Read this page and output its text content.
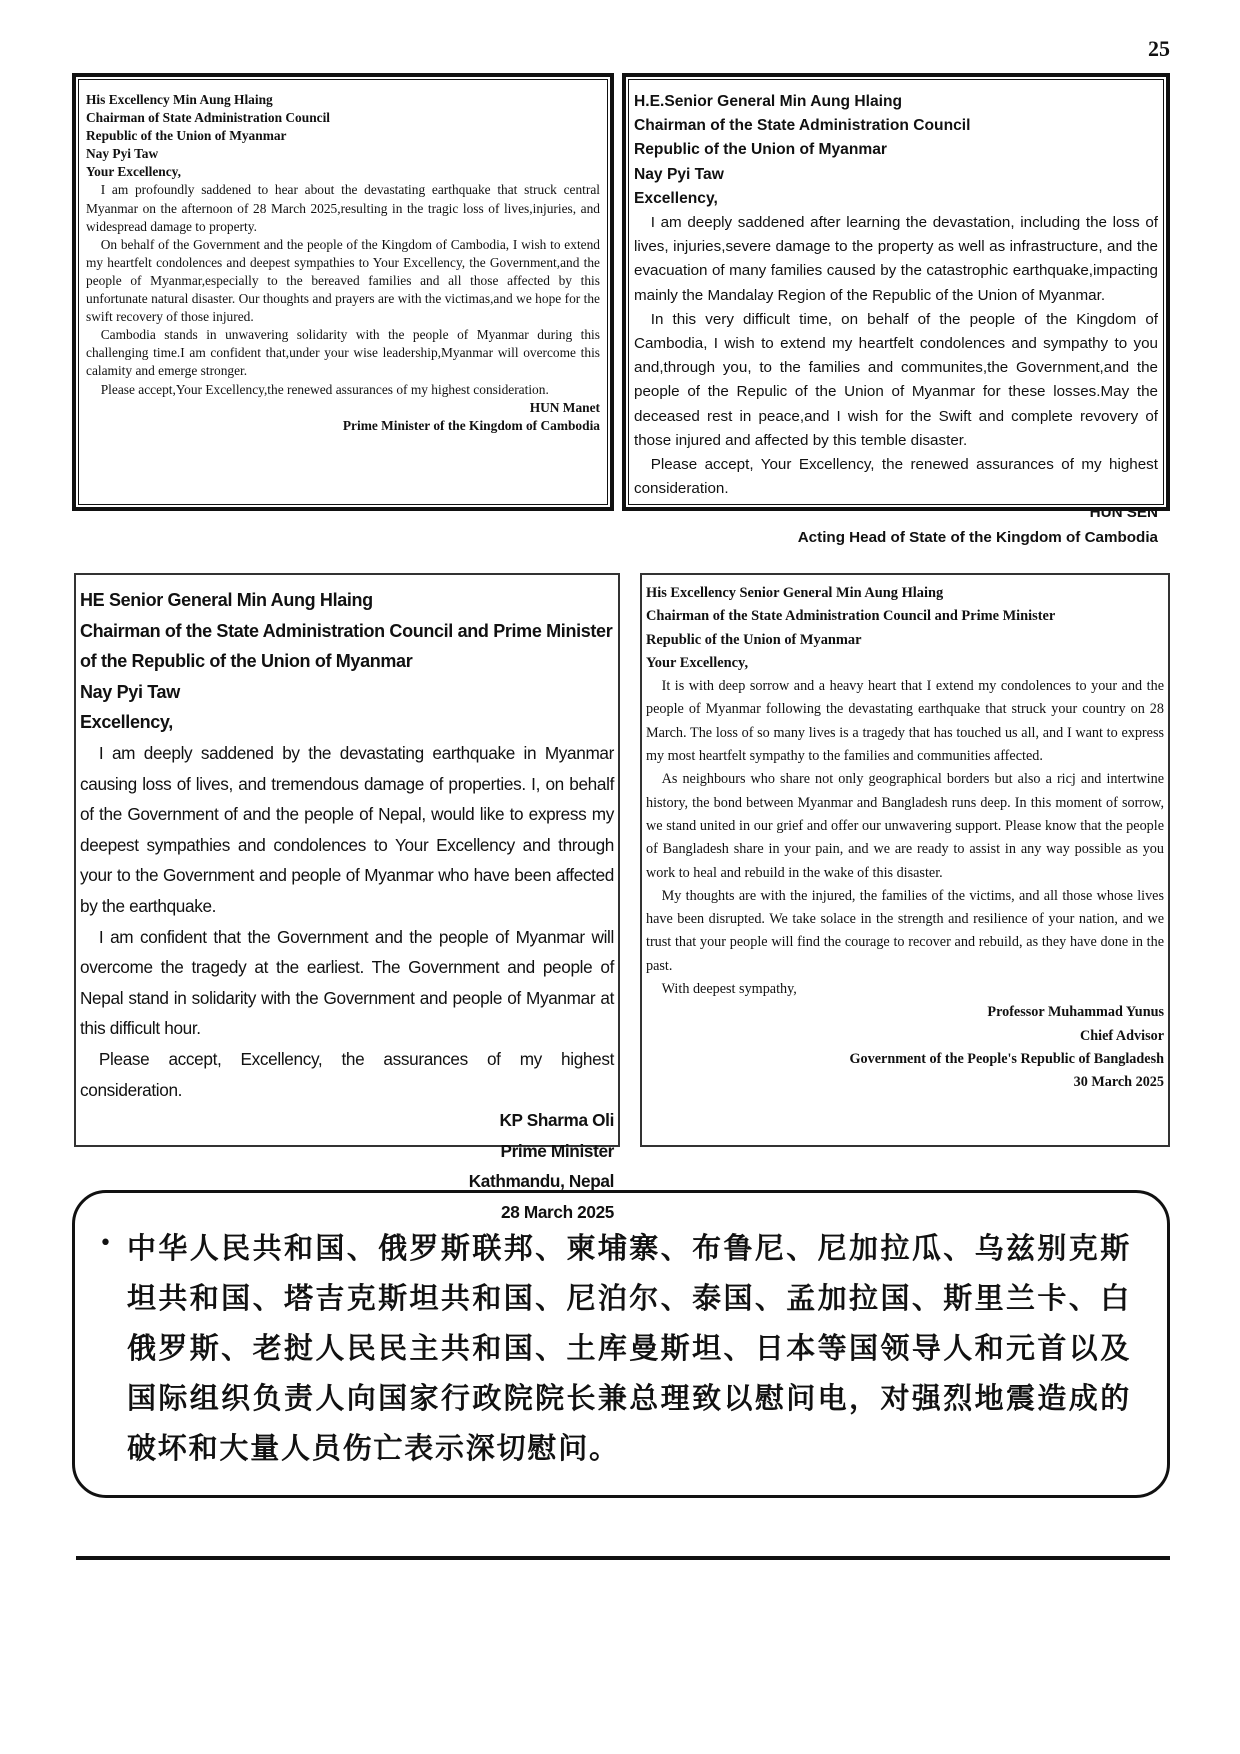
25

His Excellency Min Aung Hlaing

Chairman of State Administration Council

Republic of the Union of Myanmar

Nay Pyi Taw

Your Excellency,

I am profoundly saddened to hear about the devastating earthquake that struck central Myanmar on the afternoon of 28 March 2025,resulting in the tragic loss of lives,injuries, and widespread damage to property.

On behalf of the Government and the people of the Kingdom of Cambodia, I wish to extend my heartfelt condolences and deepest sympathies to Your Excellency, the Government,and the people of Myanmar,especially to the bereaved families and all those affected by this unfortunate natural disaster. Our thoughts and prayers are with the victimas,and we hope for the swift recovery of those injured.

Cambodia stands in unwavering solidarity with the people of Myanmar during this challenging time.I am confident that,under your wise leadership,Myanmar will overcome this calamity and emerge stronger.

Please accept,Your Excellency,the renewed assurances of my highest consideration.

HUN Manet

Prime Minister of the Kingdom of Cambodia

H.E.Senior General Min Aung Hlaing

Chairman of the State Administration Council

Republic of the Union of Myanmar

Nay Pyi Taw

Excellency,

I am deeply saddened after learning the devastation, including the loss of lives, injuries,severe damage to the property as well as infrastructure, and the evacuation of many families caused by the catastrophic earthquake,impacting mainly the Mandalay Region of the Republic of the Union of Myanmar.

In this very difficult time, on behalf of the people of the Kingdom of Cambodia, I wish to extend my heartfelt condolences and sympathy to you and,through you, to the families and communites,the Government,and the people of the Repulic of the Union of Myanmar for these losses.May the deceased rest in peace,and I wish for the Swift and complete revovery of those injured and affected by this temble disaster.

Please accept, Your Excellency, the renewed assurances of my highest consideration.

HUN SEN

Acting Head of State of the Kingdom of Cambodia

HE Senior General Min Aung Hlaing

Chairman of the State Administration Council and Prime Minister of the Republic of the Union of Myanmar

Nay Pyi Taw

Excellency,

I am deeply saddened by the devastating earthquake in Myanmar causing loss of lives, and tremendous damage of properties. I, on behalf of the Government of and the people of Nepal, would like to express my deepest sympathies and condolences to Your Excellency and through your to the Government and people of Myanmar who have been affected by the earthquake.

I am confident that the Government and the people of Myanmar will overcome the tragedy at the earliest. The Government and people of Nepal stand in solidarity with the Government and people of Myanmar at this difficult hour.

Please accept, Excellency, the assurances of my highest consideration.

KP Sharma Oli

Prime Minister

Kathmandu, Nepal

28 March 2025

His Excellency Senior General Min Aung Hlaing

Chairman of the State Administration Council and Prime Minister

Republic of the Union of Myanmar

Your Excellency,

It is with deep sorrow and a heavy heart that I extend my condolences to your and the people of Myanmar following the devastating earthquake that struck your country on 28 March. The loss of so many lives is a tragedy that has touched us all, and I want to express my most heartfelt sympathy to the families and communities affected.

As neighbours who share not only geographical borders but also a ricj and intertwine history, the bond between Myanmar and Bangladesh runs deep. In this moment of sorrow, we stand united in our grief and offer our unwavering support. Please know that the people of Bangladesh share in your pain, and we are ready to assist in any way possible as you work to heal and rebuild in the wake of this disaster.

My thoughts are with the injured, the families of the victims, and all those whose lives have been disrupted. We take solace in the strength and resilience of your nation, and we trust that your people will find the courage to recover and rebuild, as they have done in the past.

With deepest sympathy,

Professor Muhammad Yunus

Chief Advisor

Government of the People's Republic of Bangladesh

30 March 2025

• 中华人民共和国、俄罗斯联邦、柬埔寨、布鲁尼、尼加拉瓜、乌兹别克斯坦共和国、塔吉克斯坦共和国、尼泊尔、泰国、孟加拉国、斯里兰卡、白俄罗斯、老挝人民民主共和国、土库曼斯坦、日本等国领导人和元首以及国际组织负责人向国家行政院院长兼总理致以慰问电，对强烈地震造成的破坏和大量人员伤亡表示深切慰问。
